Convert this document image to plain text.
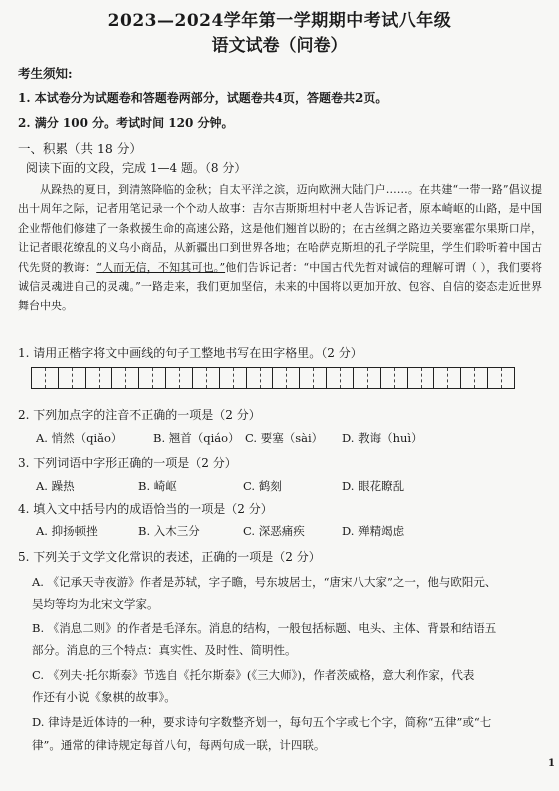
2023—2024学年第一学期期中考试八年级
语文试卷（问卷）
考生须知:
1. 本试卷分为试题卷和答题卷两部分，试题卷共4页，答题卷共2页。
2. 满分 100 分。考试时间 120 分钟。
一、积累（共 18 分）
阅读下面的文段，完成 1—4 题。（8 分）
从跺热的夏日，到清煞降临的金秋；自太平洋之滨，迈向欧洲大陆门户……。在共建“一带一路”倡议提出十周年之际，记者用笔记录一个个动人故事：吉尔吉斯斯坦村中老人告诉记者，原本崎岖的山路，是中国企业帮他们修建了一条救援生命的高速公路，这是他们翘首以盼的；在古丝绸之路边关要塞霍尔果斯口岸，让记者眼花缭乱的义乌小商品，从新疆出口到世界各地；在哈萨克斯坦的孔子学院里，学生们聆听着中国古代先贤的教诲：“人而无信，不知其可也。”他们告诉记者：“中国古代先哲对诚信的理解可谓（ ），我们要将诚信灵魂进自己的灵魂。”一路走来，我们更加坚信，未来的中国将以更加开放、包容、自信的姿态走近世界舞台中央。
1. 请用正楷字将文中画线的句子工整地书写在田字格里。（2 分）
2. 下列加点字的注音不正确的一项是（2 分）
A. 悄然（qiǎo）	B. 翘首（qiáo） C. 要塞（sài） D. 教诲（huì）
3. 下列词语中字形正确的一项是（2 分）
A. 躁热	B. 崎岖	C. 鹤刻	D. 眼花瞭乱
4. 填入文中括号内的成语恰当的一项是（2 分）
A. 抑扬顿挫	B. 入木三分	C. 深恶痛疾	D. 殚精竭虑
5. 下列关于文学文化常识的表述，正确的一项是（2 分）
A. 《记承天寺夜游》作者是苏轼，字子瞻，号东坡居士，“唐宋八大家”之一，他与欧阳元、
吴均等均为北宋文学家。
B. 《消息二则》的作者是毛泽东。消息的结构，一般包括标题、电头、主体、背景和结语五
部分。消息的三个特点：真实性、及时性、简明性。
C. 《列夫·托尔斯泰》节选自《托尔斯泰》(《三大师》)，作者茨威格，意大利作家，代表
作还有小说《象棋的故事》。
D. 律诗是近体诗的一种，要求诗句字数整齐划一，每句五个字或七个字，简称“五律”或“七
律”。通常的律诗规定每首八句，每两句成一联，计四联。
1
